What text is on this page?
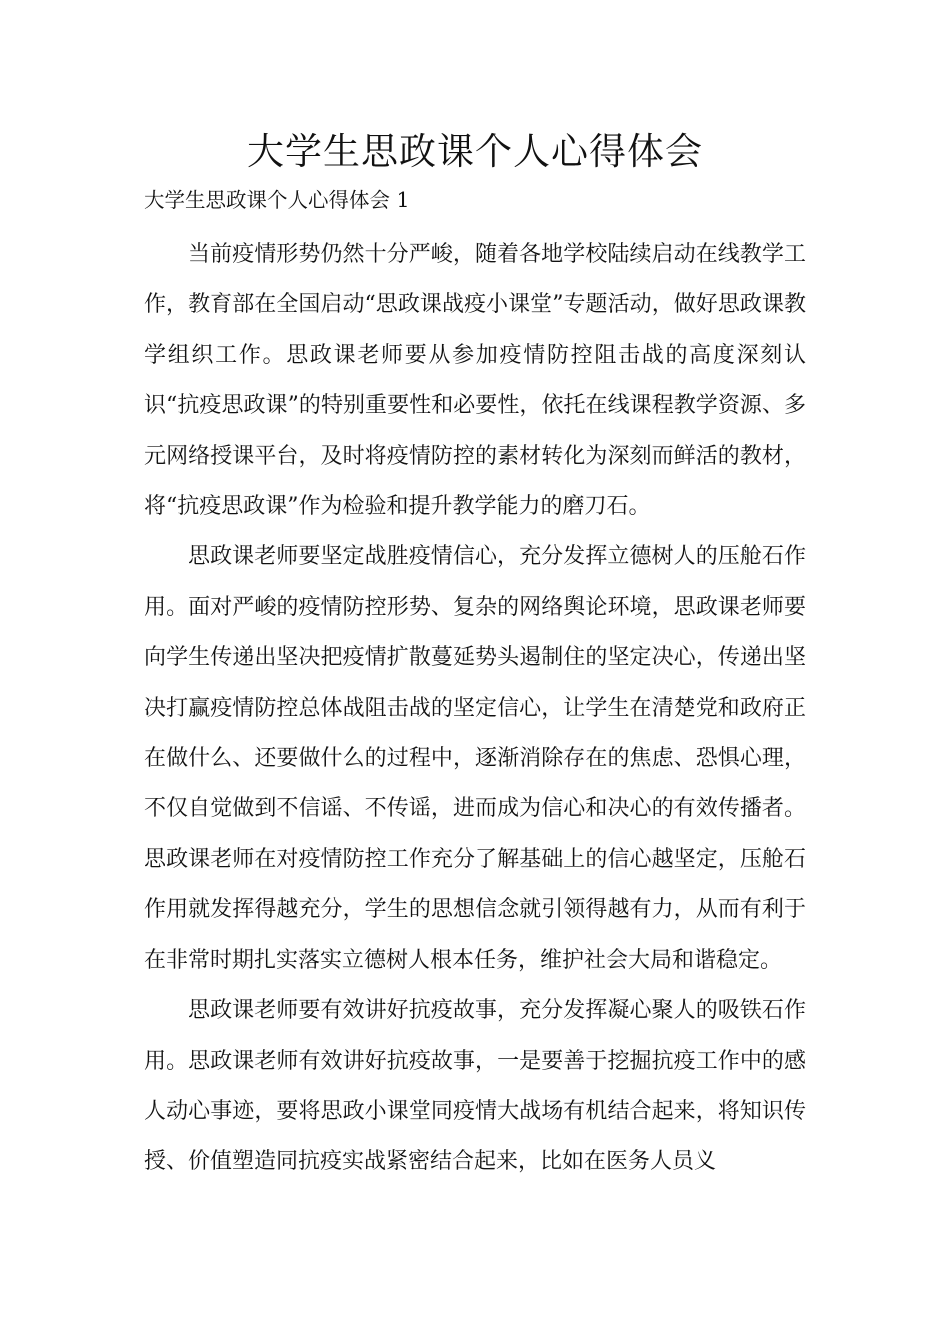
大学生思政课个人心得体会

大学生思政课个人心得体会 1

当前疫情形势仍然十分严峻，随着各地学校陆续启动在线教学工作，教育部在全国启动“思政课战疫小课堂”专题活动，做好思政课教学组织工作。思政课老师要从参加疫情防控阻击战的高度深刻认识“抗疫思政课”的特别重要性和必要性，依托在线课程教学资源、多元网络授课平台，及时将疫情防控的素材转化为深刻而鲜活的教材，将“抗疫思政课”作为检验和提升教学能力的磨刀石。

思政课老师要坚定战胜疫情信心，充分发挥立德树人的压舱石作用。面对严峻的疫情防控形势、复杂的网络舆论环境，思政课老师要向学生传递出坚决把疫情扩散蔓延势头遏制住的坚定决心，传递出坚决打赢疫情防控总体战阻击战的坚定信心，让学生在清楚党和政府正在做什么、还要做什么的过程中，逐渐消除存在的焦虑、恐惧心理，不仅自觉做到不信谣、不传谣，进而成为信心和决心的有效传播者。思政课老师在对疫情防控工作充分了解基础上的信心越坚定，压舱石作用就发挥得越充分，学生的思想信念就引领得越有力，从而有利于在非常时期扎实落实立德树人根本任务，维护社会大局和谐稳定。

思政课老师要有效讲好抗疫故事，充分发挥凝心聚人的吸铁石作用。思政课老师有效讲好抗疫故事，一是要善于挖掘抗疫工作中的感人动心事迹，要将思政小课堂同疫情大战场有机结合起来，将知识传授、价值塑造同抗疫实战紧密结合起来，比如在医务人员义
